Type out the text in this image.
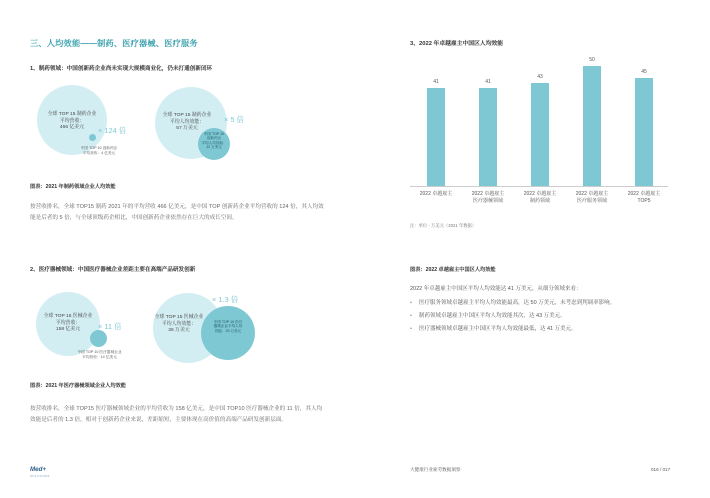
三、人均效能——制药、医疗器械、医疗服务
1、制药领域：中国创新药企业尚未实现大规模商业化，仍未打通创新闭环
全球 TOP 15 制药企业
平均营收：
466 亿美元	× 124 倍
中国 TOP 10 创新药企
平均营收：4 亿美元
全球 TOP 15 制药企业
平均人均效能：
57 万美元
中国 TOP 10
创新药企
平均人均效能：
12 万美元
× 5 倍
图表：2021 年制药领域企业人均效能
按营收排名，全球 TOP15 制药 2021 年的平均营收 466 亿美元，是中国 TOP 创新药企业平均营收的 124 倍，其人均效能是后者的 5 倍，与全球顶级药企相比，中国创新药企业依然存在巨大的成长空间。
2、医疗器械领域：中国医疗器械企业差距主要在高端产品研发创新
全球 TOP 15 医械企业
平均营收：
158 亿美元	× 11 倍
中国 TOP 10 医疗器械企业
平均营收：14 亿美元
全球 TOP 15 医械企业
平均人均效能：
36 万美元
中国 TOP 10 医疗
器械企业平均人均
效能：29 万美元
× 1.3 倍
图表：2021 年医疗器械领域企业人均效能
按营收排名，全球 TOP15 医疗器械领域企业的平均营收为 158 亿美元，是中国 TOP10 医疗器械企业的 11 倍，其人均效能是后者的 1.3 倍，相对于创新药企业来说，差距缩短，主要体现在高价值的高端产品研发创新层面。
3、2022 年卓越雇主中国区人均效能
41
2022 卓越雇主
41
2022 卓越雇主
医疗器械领域
43
2022 卓越雇主
制药领域
50
2022 卓越雇主
医疗服务领域
45
2022 卓越雇主
TOP5
注：单位 - 万美元（2021 年数据）
图表：2022 卓越雇主中国区人均效能
2022 年卓越雇主中国区平均人均效能达 41 万美元，从细分领域来看：
• 医疗服务领域卓越雇主平均人均效能最高，达 50 万美元，未考虑到判调率影响。
• 制药领域卓越雇主中国区平均人均效能其次，达 43 万美元。
• 医疗器械领域卓越雇主中国区平均人均效能最低，达 41 万美元。
Med+
SOLUTIONS
大健康行业雇劳数据洞察	016 / 017
